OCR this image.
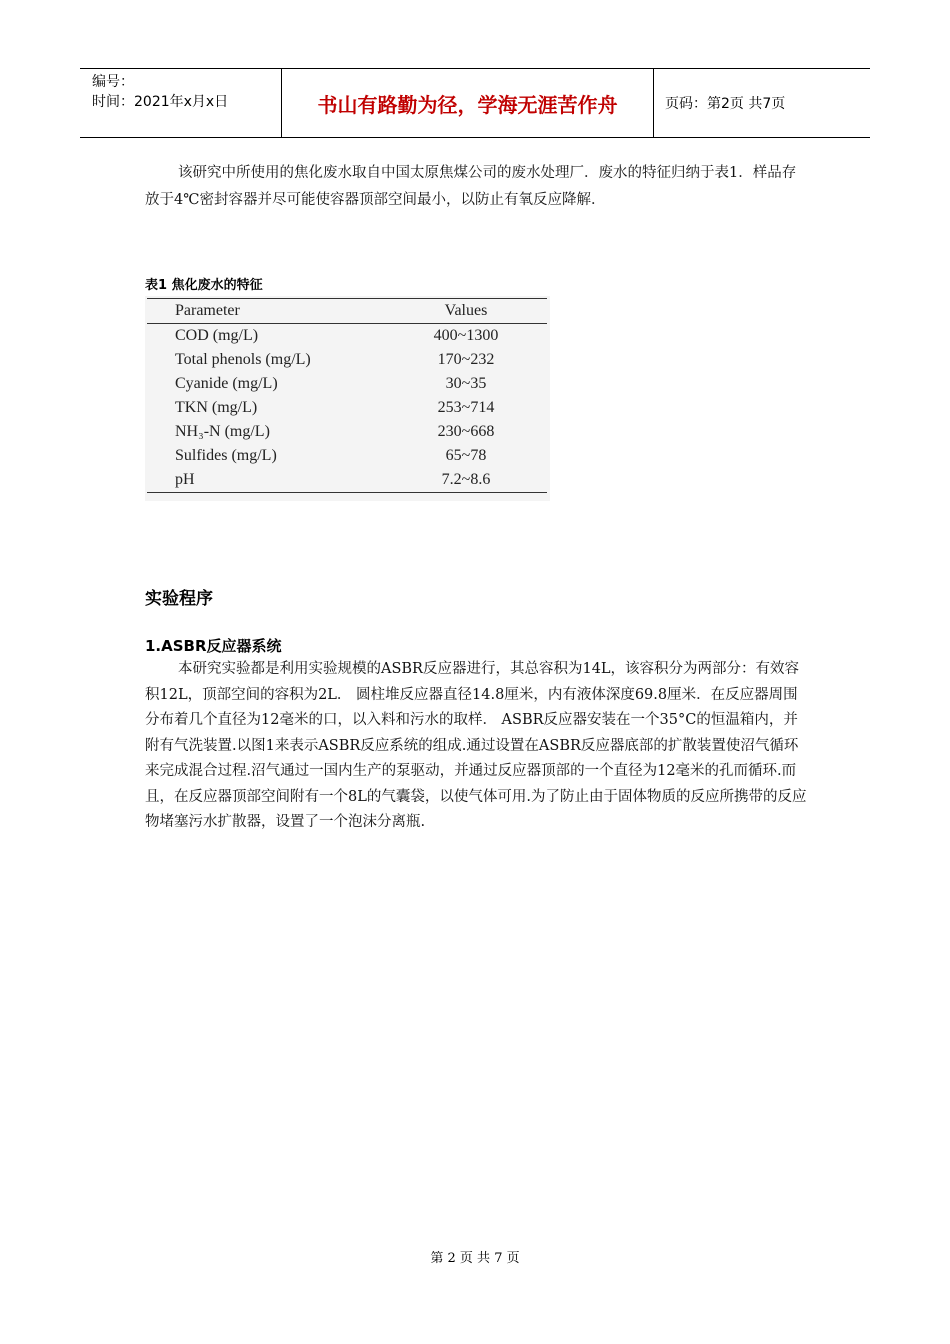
编号：
时间：2021年x月x日	书山有路勤为径，学海无涯苦作舟	页码：第2页 共7页
该研究中所使用的焦化废水取自中国太原焦煤公司的废水处理厂．废水的特征归纳于表1．样品存放于4℃密封容器并尽可能使容器顶部空间最小，以防止有氧反应降解．
表1 焦化废水的特征
Parameter	Values
COD (mg/L)	400~1300
Total phenols (mg/L)	170~232
Cyanide (mg/L)	30~35
TKN (mg/L)	253~714
NH₃-N (mg/L)	230~668
Sulfides (mg/L)	65~78
pH	7.2~8.6
实验程序
1.ASBR反应器系统
本研究实验都是利用实验规模的ASBR反应器进行，其总容积为14L，该容积分为两部分：有效容积12L，顶部空间的容积为2L． 圆柱堆反应器直径14.8厘米，内有液体深度69.8厘米．在反应器周围分布着几个直径为12毫米的口，以入料和污水的取样． ASBR反应器安装在一个35°C的恒温箱内，并附有气洗装置.以图1来表示ASBR反应系统的组成.通过设置在ASBR反应器底部的扩散装置使沼气循环来完成混合过程.沼气通过一国内生产的泵驱动，并通过反应器顶部的一个直径为12毫米的孔而循环.而且，在反应器顶部空间附有一个8L的气囊袋，以使气体可用.为了防止由于固体物质的反应所携带的反应物堵塞污水扩散器，设置了一个泡沫分离瓶.
第 2 页 共 7 页
